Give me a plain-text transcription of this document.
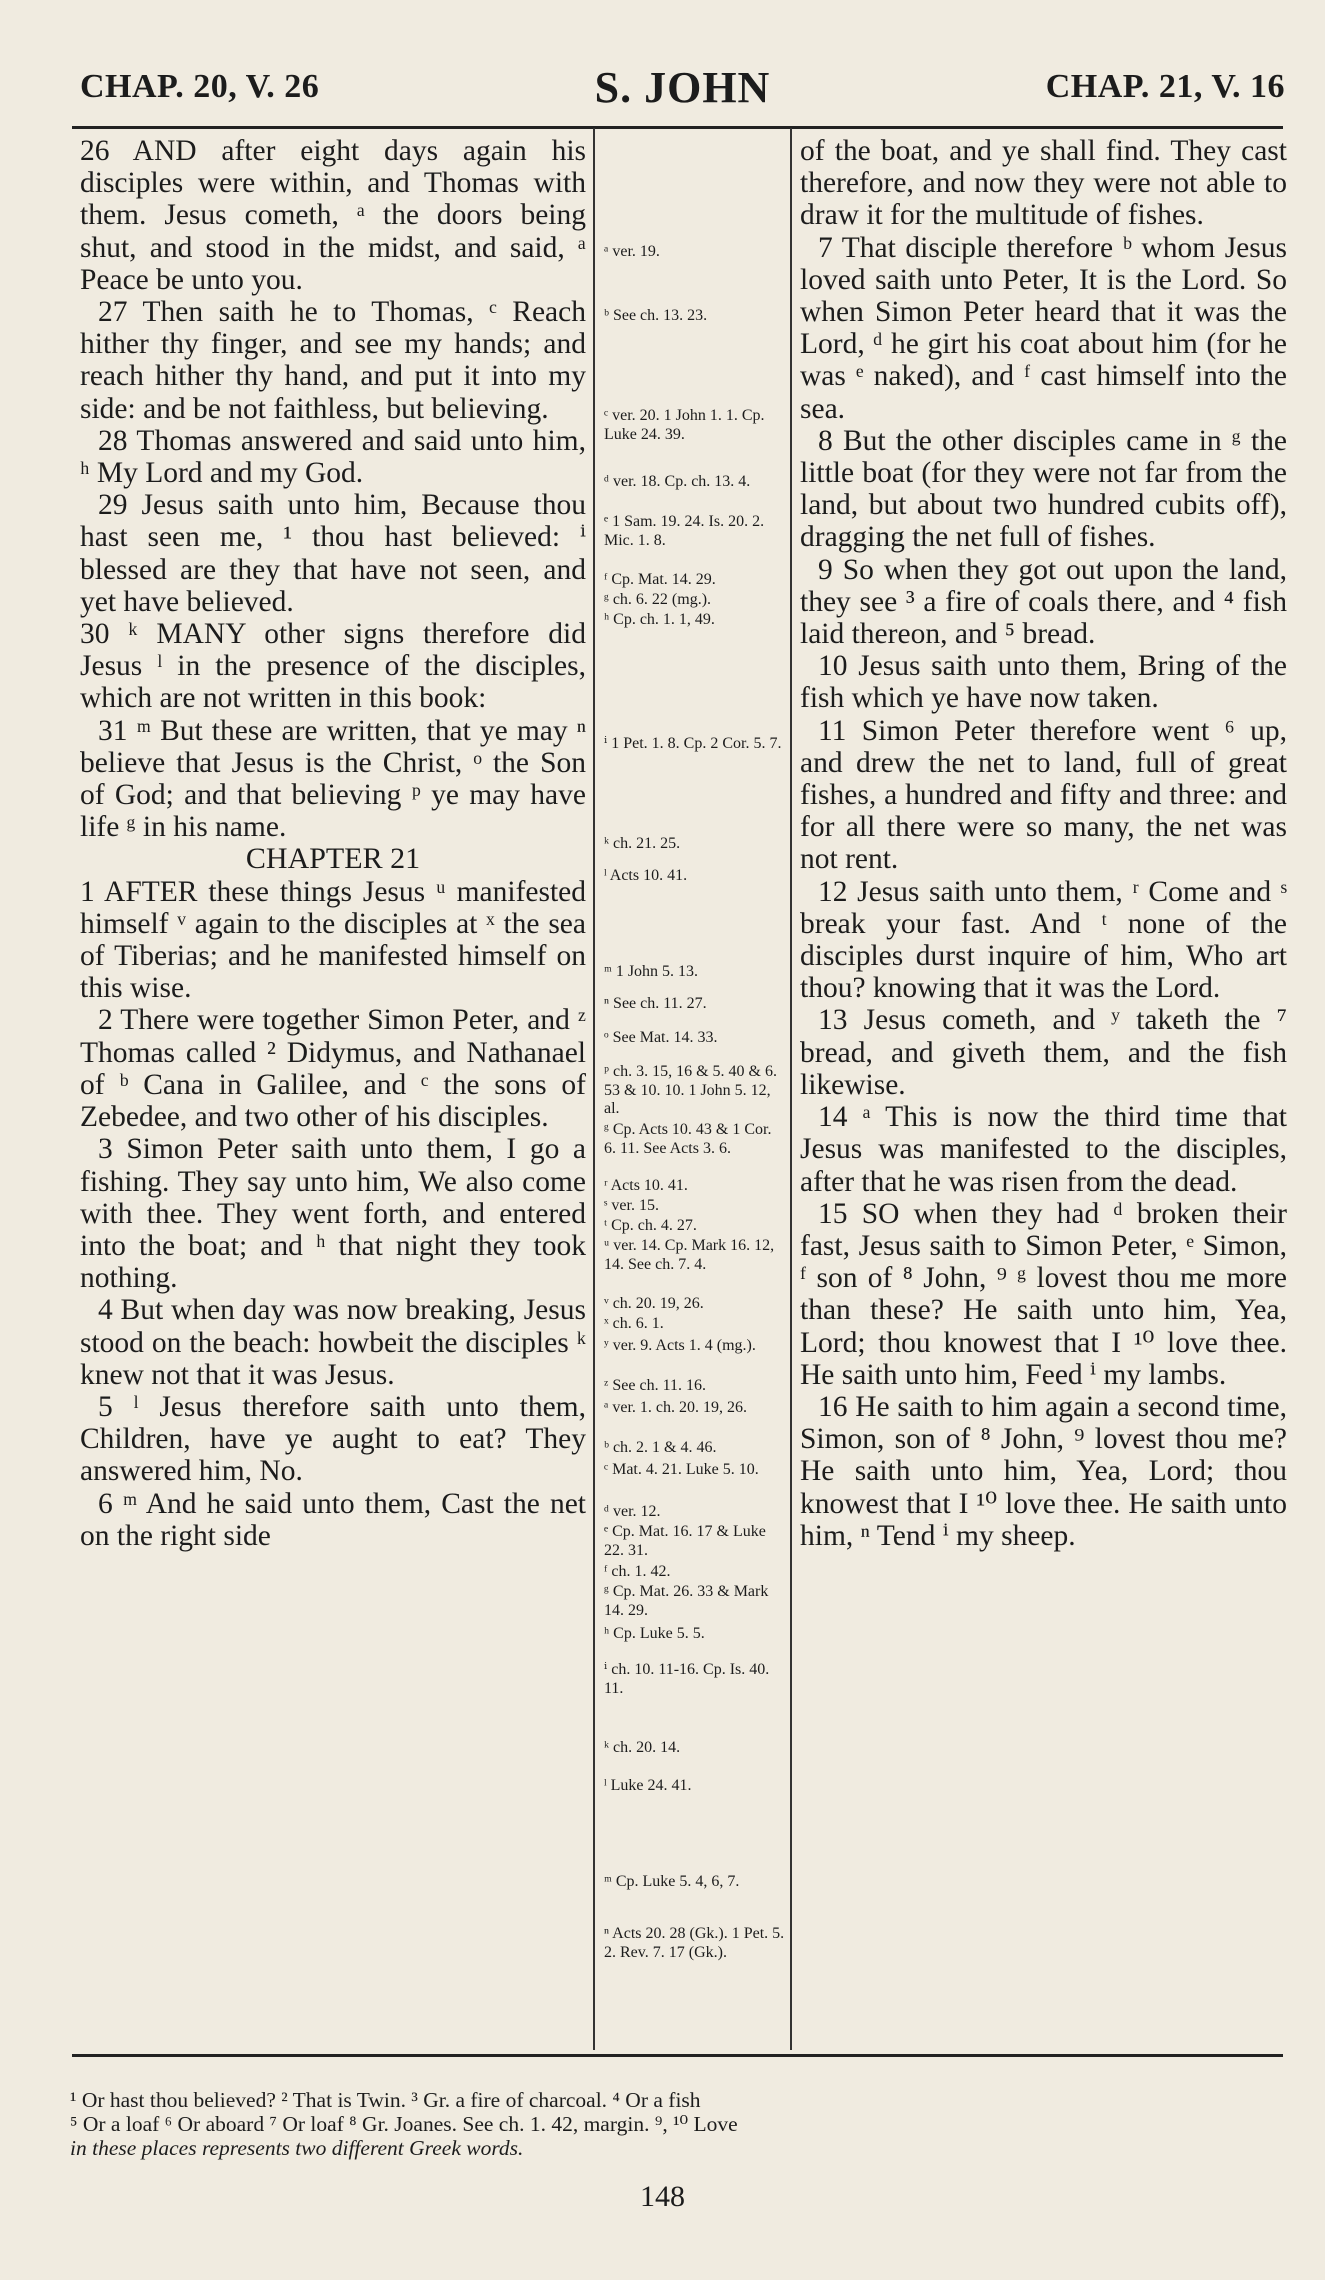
CHAP. 20, V. 26	S. JOHN	CHAP. 21, V. 16

26 AND after eight days again his disciples were within, and Thomas with them. Jesus cometh, ᵃ the doors being shut, and stood in the midst, and said, ᵃ Peace be unto you.

27 Then saith he to Thomas, ᶜ Reach hither thy finger, and see my hands; and reach hither thy hand, and put it into my side: and be not faithless, but believing.

28 Thomas answered and said unto him, ʰ My Lord and my God.

29 Jesus saith unto him, Because thou hast seen me, ¹ thou hast believed: ⁱ blessed are they that have not seen, and yet have believed.

30 ᵏ MANY other signs therefore did Jesus ˡ in the presence of the disciples, which are not written in this book:

31 ᵐ But these are written, that ye may ⁿ believe that Jesus is the Christ, ᵒ the Son of God; and that believing ᵖ ye may have life ᵍ in his name.

CHAPTER 21

1 AFTER these things Jesus ᵘ manifested himself ᵛ again to the disciples at ˣ the sea of Tiberias; and he manifested himself on this wise.

2 There were together Simon Peter, and ᶻ Thomas called ² Didymus, and Nathanael of ᵇ Cana in Galilee, and ᶜ the sons of Zebedee, and two other of his disciples.

3 Simon Peter saith unto them, I go a fishing. They say unto him, We also come with thee. They went forth, and entered into the boat; and ʰ that night they took nothing.

4 But when day was now breaking, Jesus stood on the beach: howbeit the disciples ᵏ knew not that it was Jesus.

5 ˡ Jesus therefore saith unto them, Children, have ye aught to eat? They answered him, No.

6 ᵐ And he said unto them, Cast the net on the right side

ᵃ ver. 19.
ᵇ See ch. 13. 23.
ᶜ ver. 20. 1 John 1. 1. Cp. Luke 24. 39.
ᵈ ver. 18. Cp. ch. 13. 4.
ᵉ 1 Sam. 19. 24. Is. 20. 2. Mic. 1. 8.
ᶠ Cp. Mat. 14. 29.
ᵍ ch. 6. 22 (mg.).
ʰ Cp. ch. 1. 1, 49.
ⁱ 1 Pet. 1. 8. Cp. 2 Cor. 5. 7.
ᵏ ch. 21. 25.
ˡ Acts 10. 41.
ᵐ 1 John 5. 13.
ⁿ See ch. 11. 27.
ᵒ See Mat. 14. 33.
ᵖ ch. 3. 15, 16 & 5. 40 & 6. 53 & 10. 10. 1 John 5. 12, al.
ᵍ Cp. Acts 10. 43 & 1 Cor. 6. 11. See Acts 3. 6.
ʳ Acts 10. 41.
ˢ ver. 15.
ᵗ Cp. ch. 4. 27.
ᵘ ver. 14. Cp. Mark 16. 12, 14. See ch. 7. 4.
ᵛ ch. 20. 19, 26.
ˣ ch. 6. 1.
ʸ ver. 9. Acts 1. 4 (mg.).
ᶻ See ch. 11. 16.
ᵃ ver. 1. ch. 20. 19, 26.
ᵇ ch. 2. 1 & 4. 46.
ᶜ Mat. 4. 21. Luke 5. 10.
ᵈ ver. 12.
ᵉ Cp. Mat. 16. 17 & Luke 22. 31.
ᶠ ch. 1. 42.
ᵍ Cp. Mat. 26. 33 & Mark 14. 29.
ʰ Cp. Luke 5. 5.
ⁱ ch. 10. 11-16. Cp. Is. 40. 11.
ᵏ ch. 20. 14.
ˡ Luke 24. 41.
ᵐ Cp. Luke 5. 4, 6, 7.
ⁿ Acts 20. 28 (Gk.). 1 Pet. 5. 2. Rev. 7. 17 (Gk.).

of the boat, and ye shall find. They cast therefore, and now they were not able to draw it for the multitude of fishes.

7 That disciple therefore ᵇ whom Jesus loved saith unto Peter, It is the Lord. So when Simon Peter heard that it was the Lord, ᵈ he girt his coat about him (for he was ᵉ naked), and ᶠ cast himself into the sea.

8 But the other disciples came in ᵍ the little boat (for they were not far from the land, but about two hundred cubits off), dragging the net full of fishes.

9 So when they got out upon the land, they see ³ a fire of coals there, and ⁴ fish laid thereon, and ⁵ bread.

10 Jesus saith unto them, Bring of the fish which ye have now taken.

11 Simon Peter therefore went ⁶ up, and drew the net to land, full of great fishes, a hundred and fifty and three: and for all there were so many, the net was not rent.

12 Jesus saith unto them, ʳ Come and ˢ break your fast. And ᵗ none of the disciples durst inquire of him, Who art thou? knowing that it was the Lord.

13 Jesus cometh, and ʸ taketh the ⁷ bread, and giveth them, and the fish likewise.

14 ᵃ This is now the third time that Jesus was manifested to the disciples, after that he was risen from the dead.

15 SO when they had ᵈ broken their fast, Jesus saith to Simon Peter, ᵉ Simon, ᶠ son of ⁸ John, ⁹ ᵍ lovest thou me more than these? He saith unto him, Yea, Lord; thou knowest that I ¹⁰ love thee. He saith unto him, Feed ⁱ my lambs.

16 He saith to him again a second time, Simon, son of ⁸ John, ⁹ lovest thou me? He saith unto him, Yea, Lord; thou knowest that I ¹⁰ love thee. He saith unto him, ⁿ Tend ⁱ my sheep.

¹ Or hast thou believed? ² That is Twin. ³ Gr. a fire of charcoal. ⁴ Or a fish
⁵ Or a loaf ⁶ Or aboard ⁷ Or loaf ⁸ Gr. Joanes. See ch. 1. 42, margin. ⁹, ¹⁰ Love
in these places represents two different Greek words.
148
